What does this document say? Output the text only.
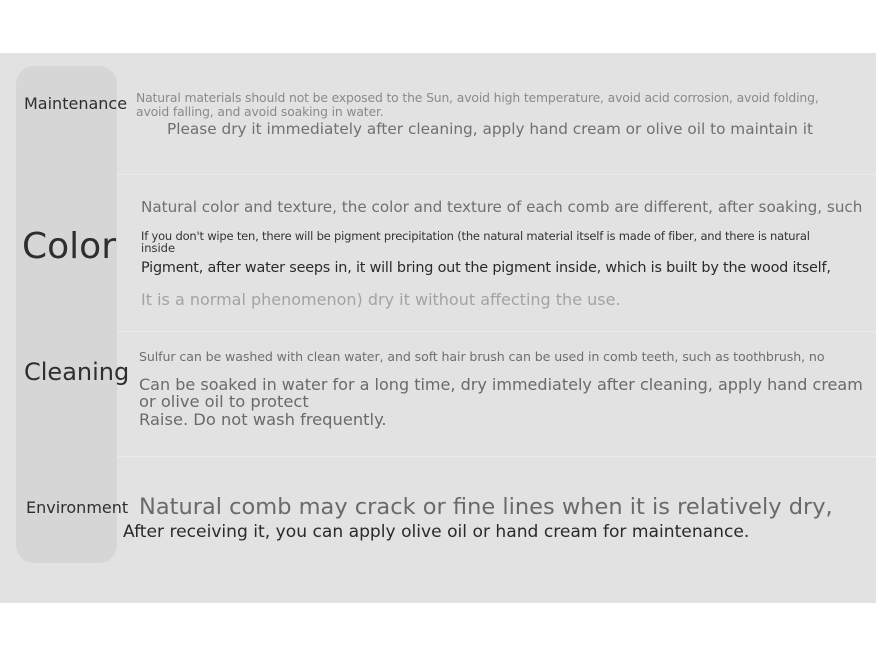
Maintenance Natural materials should not be exposed to the Sun, avoid high temperature, avoid acid corrosion, avoid folding,

avoid falling, and avoid soaking in water.

Please dry it immediately after cleaning, apply hand cream or olive oil to maintain it

Color

Natural color and texture, the color and texture of each comb are different, after soaking, such

If you don't wipe ten, there will be pigment precipitation (the natural material itself is made of fiber, and there is natural

inside

Pigment, after water seeps in, it will bring out the pigment inside, which is built by the wood itself,

It is a normal phenomenon) dry it without affecting the use.

Cleaning

Sulfur can be washed with clean water, and soft hair brush can be used in comb teeth, such as toothbrush, no

Can be soaked in water for a long time, dry immediately after cleaning, apply hand cream

or olive oil to protect

Raise. Do not wash frequently.

Environment Natural comb may crack or fine lines when it is relatively dry,

After receiving it, you can apply olive oil or hand cream for maintenance.
